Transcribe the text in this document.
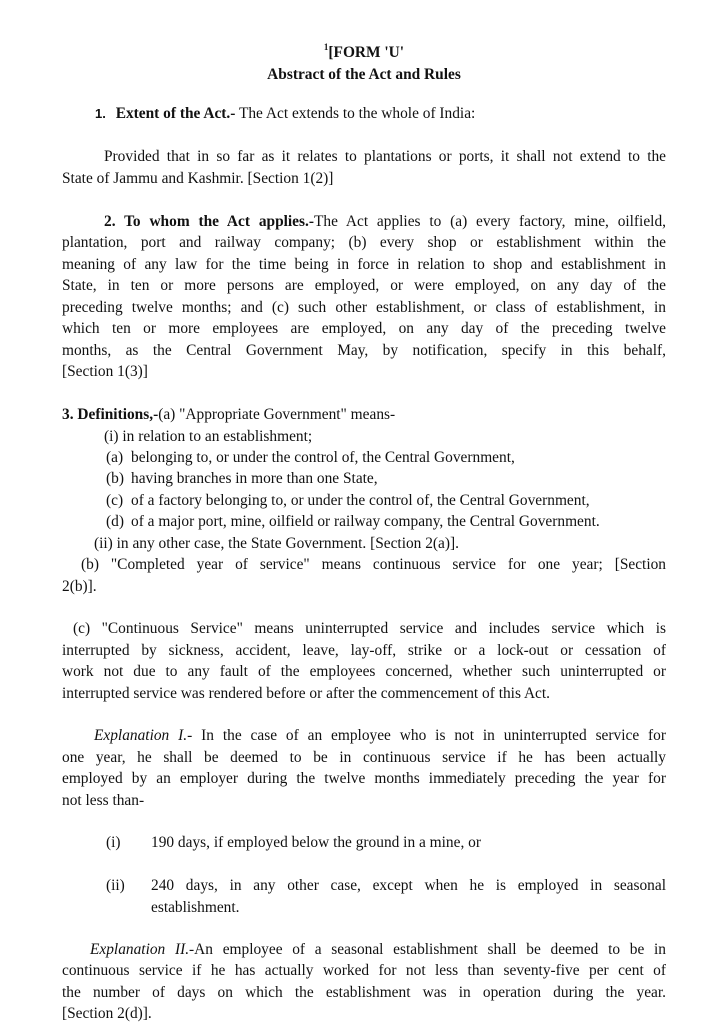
$^1$[FORM 'U'
Abstract of the Act and Rules
1. Extent of the Act.- The Act extends to the whole of India:
Provided that in so far as it relates to plantations or ports, it shall not extend to the
State of Jammu and Kashmir. [Section 1(2)]
2. To whom the Act applies.-The Act applies to (a) every factory, mine, oilfield,
plantation, port and railway company; (b) every shop or establishment within the
meaning of any law for the time being in force in relation to shop and establishment in
State, in ten or more persons are employed, or were employed, on any day of the
preceding twelve months; and (c) such other establishment, or class of establishment, in
which ten or more employees are employed, on any day of the preceding twelve
months, as the Central Government May, by notification, specify in this behalf,
[Section 1(3)]
3. Definitions,-(a) "Appropriate Government" means-
(i) in relation to an establishment;
(a) belonging to, or under the control of, the Central Government,
(b) having branches in more than one State,
(c) of a factory belonging to, or under the control of, the Central Government,
(d) of a major port, mine, oilfield or railway company, the Central Government.
(ii) in any other case, the State Government. [Section 2(a)].
(b) "Completed year of service" means continuous service for one year; [Section
2(b)].
(c) "Continuous Service" means uninterrupted service and includes service which is
interrupted by sickness, accident, leave, lay-off, strike or a lock-out or cessation of
work not due to any fault of the employees concerned, whether such uninterrupted or
interrupted service was rendered before or after the commencement of this Act.
Explanation I.- In the case of an employee who is not in uninterrupted service for
one year, he shall be deemed to be in continuous service if he has been actually
employed by an employer during the twelve months immediately preceding the year for
not less than-
(i) 190 days, if employed below the ground in a mine, or
(ii) 240 days, in any other case, except when he is employed in seasonal
establishment.
Explanation II.-An employee of a seasonal establishment shall be deemed to be in
continuous service if he has actually worked for not less than seventy-five per cent of
the number of days on which the establishment was in operation during the year.
[Section 2(d)].
